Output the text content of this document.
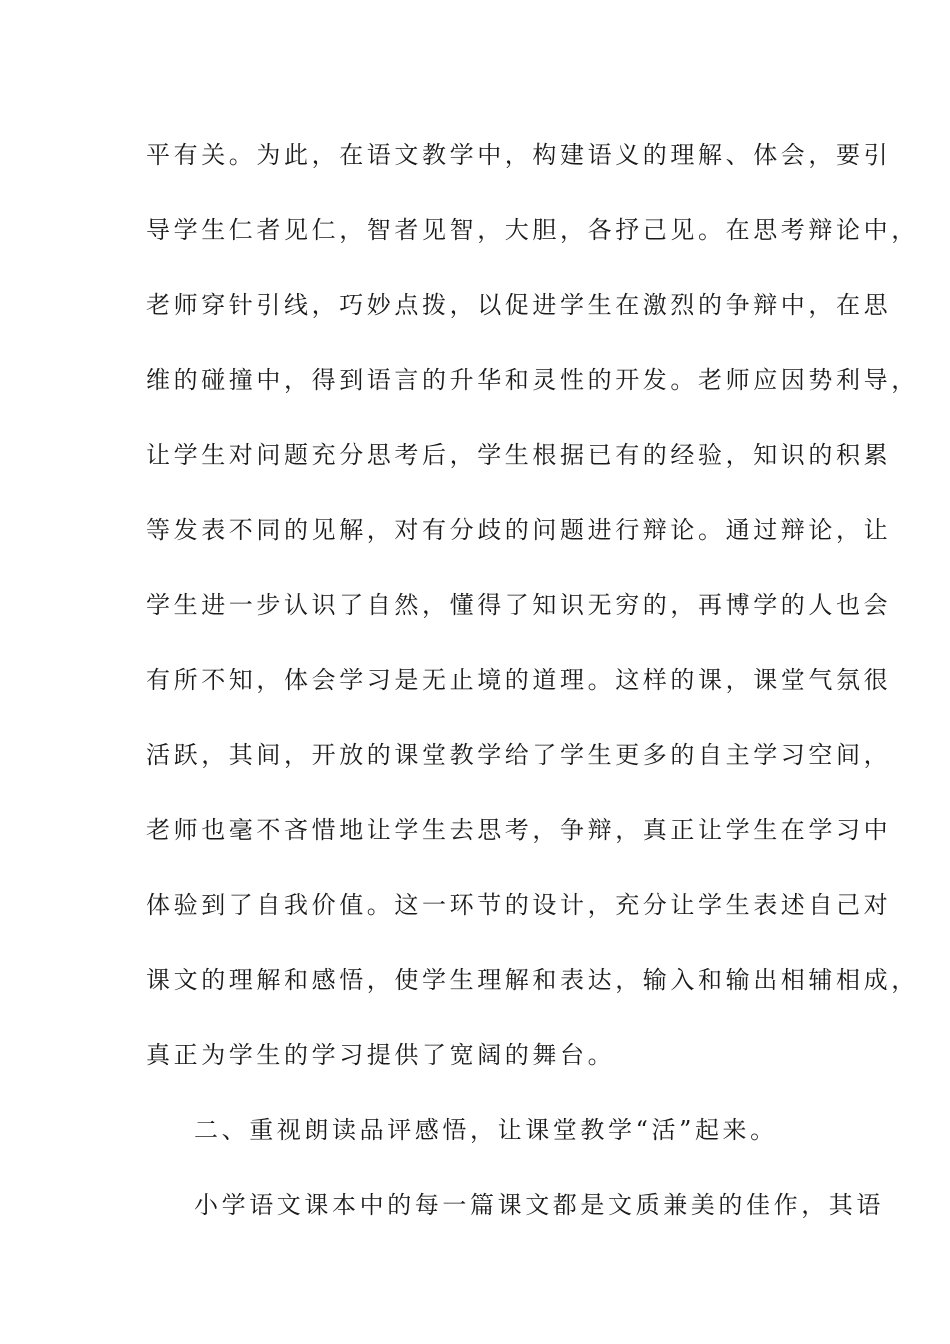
平有关。为此，在语文教学中，构建语义的理解、体会，要引
导学生仁者见仁，智者见智，大胆，各抒己见。在思考辩论中，
老师穿针引线，巧妙点拨，以促进学生在激烈的争辩中，在思
维的碰撞中，得到语言的升华和灵性的开发。老师应因势利导，
让学生对问题充分思考后，学生根据已有的经验，知识的积累
等发表不同的见解，对有分歧的问题进行辩论。通过辩论，让
学生进一步认识了自然，懂得了知识无穷的，再博学的人也会
有所不知，体会学习是无止境的道理。这样的课，课堂气氛很
活跃，其间，开放的课堂教学给了学生更多的自主学习空间，
老师也毫不吝惜地让学生去思考，争辩，真正让学生在学习中
体验到了自我价值。这一环节的设计，充分让学生表述自己对
课文的理解和感悟，使学生理解和表达，输入和输出相辅相成，
真正为学生的学习提供了宽阔的舞台。
二、重视朗读品评感悟，让课堂教学“活”起来。
小学语文课本中的每一篇课文都是文质兼美的佳作，其语
